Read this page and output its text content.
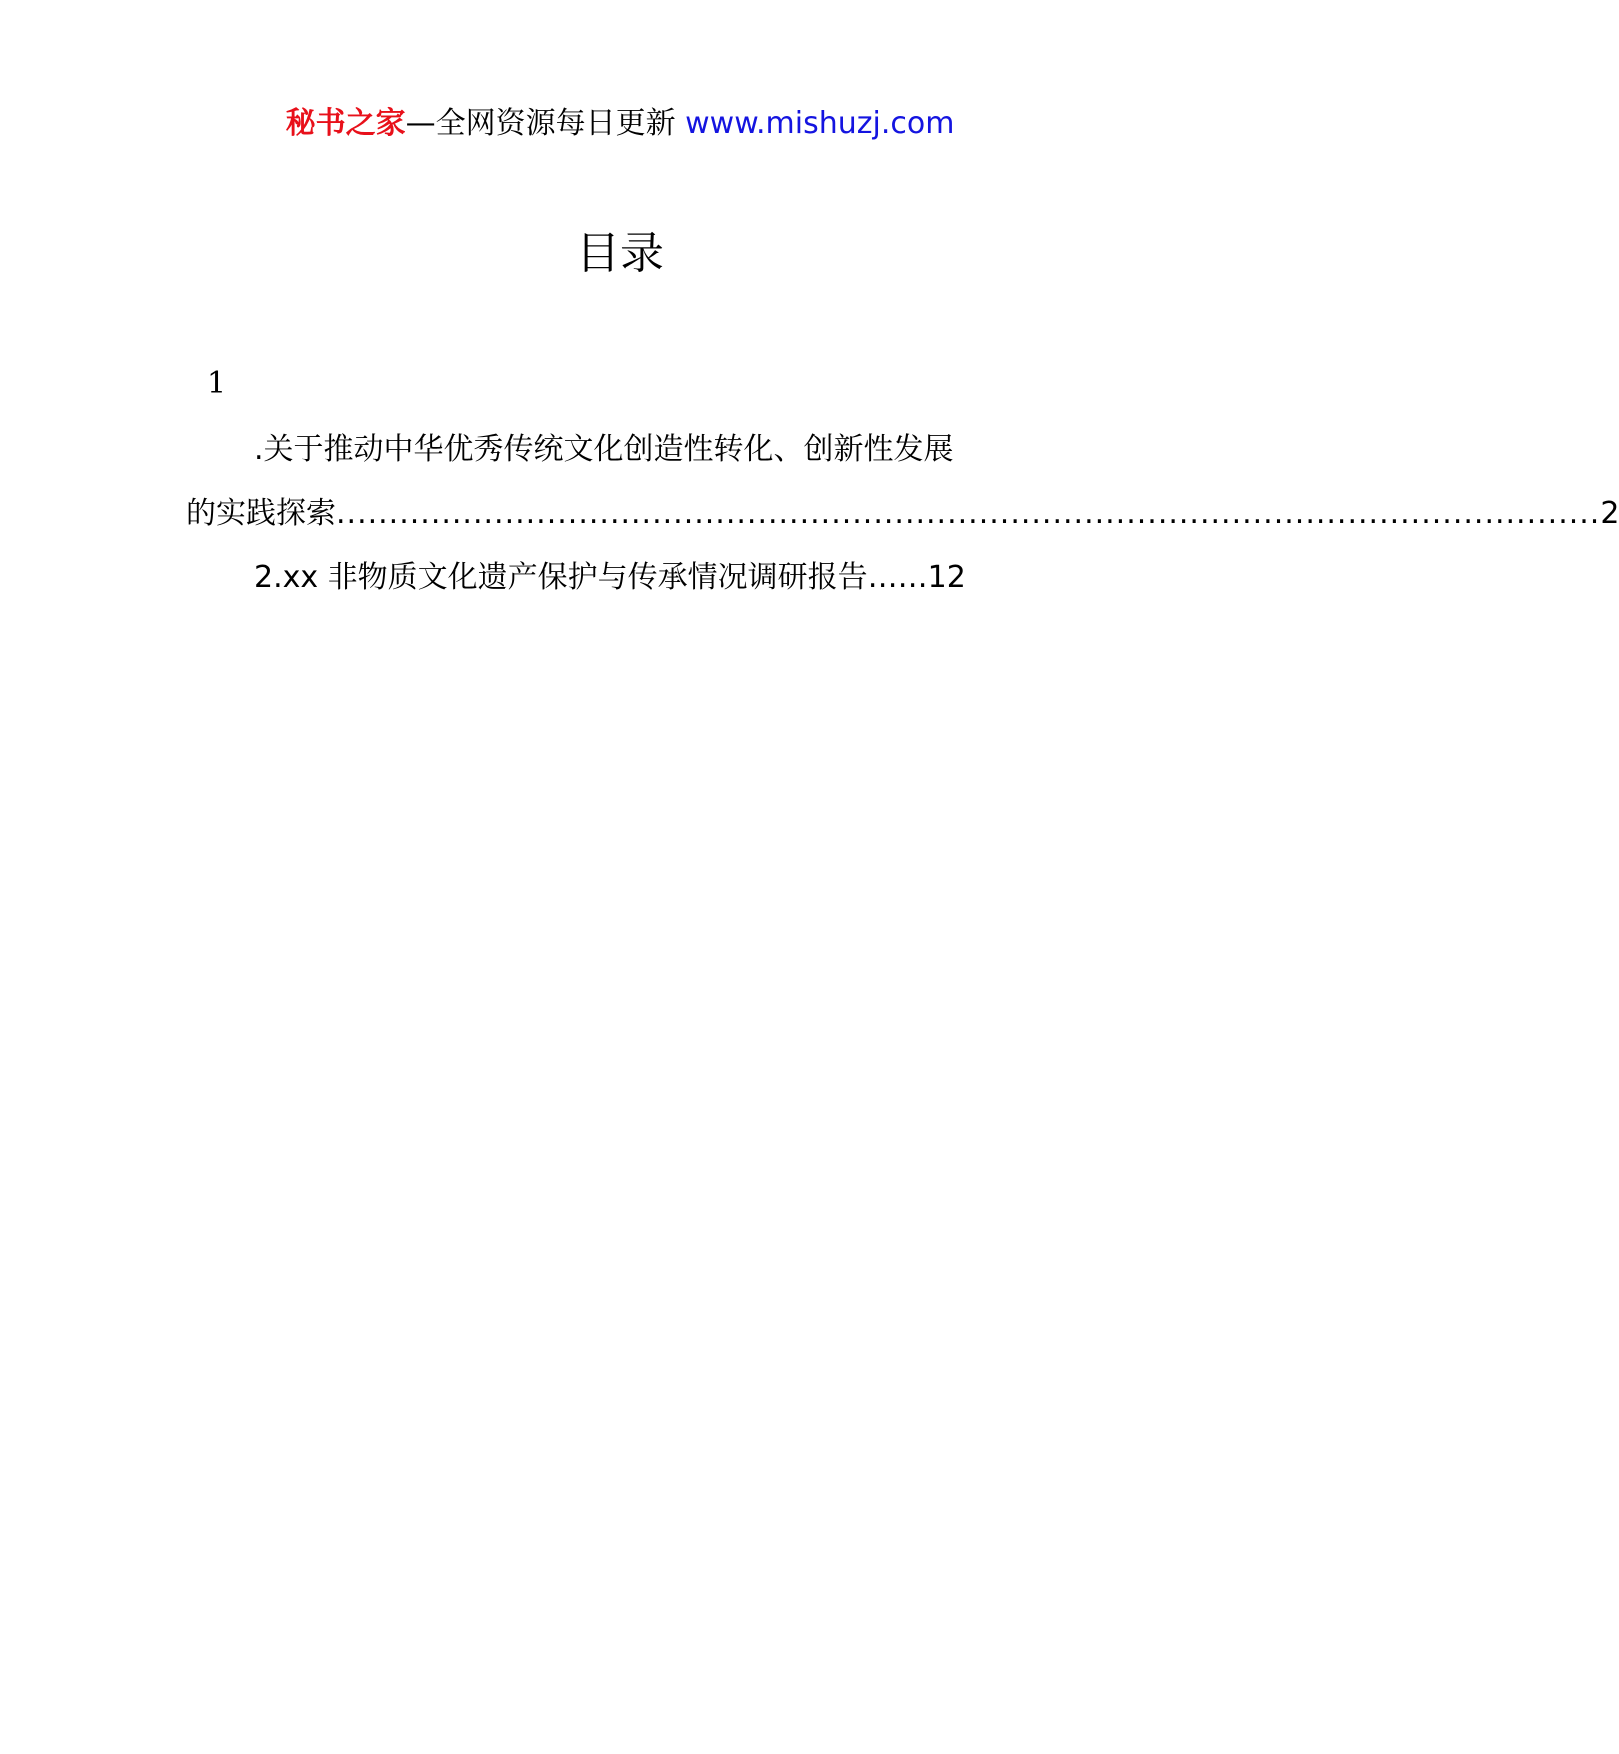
秘书之家—全网资源每日更新 www.mishuzj.com
目录
1
.关于推动中华优秀传统文化创造性转化、创新性发展
的实践探索 ........................................................................................................................ 2
2.xx 非物质文化遗产保护与传承情况调研报告 …… 12
